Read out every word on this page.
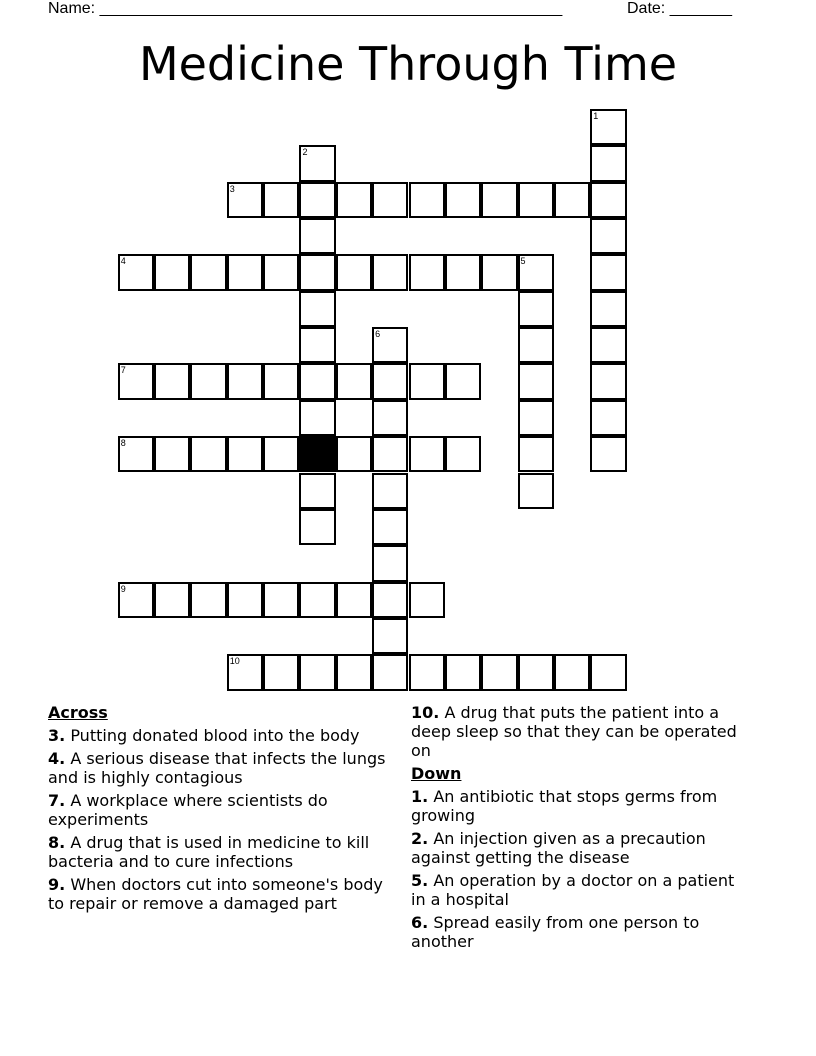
Name: ____________________________________________________	Date: _______
Medicine Through Time
1
2
3
4	5
6
7
8
9
10
Across
3. Putting donated blood into the body
4. A serious disease that infects the lungs and is highly contagious
7. A workplace where scientists do experiments
8. A drug that is used in medicine to kill bacteria and to cure infections
9. When doctors cut into someone's body to repair or remove a damaged part
10. A drug that puts the patient into a deep sleep so that they can be operated on
Down
1. An antibiotic that stops germs from growing
2. An injection given as a precaution against getting the disease
5. An operation by a doctor on a patient in a hospital
6. Spread easily from one person to another
